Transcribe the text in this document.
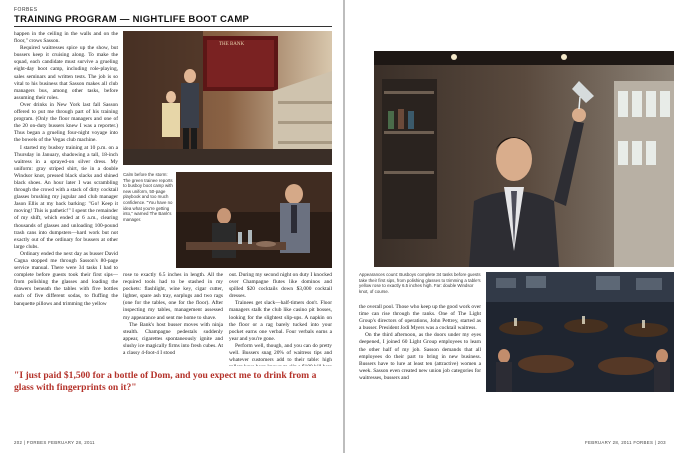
FORBES
TRAINING PROGRAM — NIGHTLIFE BOOT CAMP

happen in the ceiling in the walls and on the floor," crows Sasson.

Required waitresses spice up the show, but bussers keep it cruising along. To make the squad, each candidate must survive a grueling eight-day boot camp, including role-playing, sales seminars and written tests. The job is so vital to his business that Sasson makes all club managers bus, among other tasks, before assuming their roles.

Over drinks in New York last fall Sasson offered to put me through part of his training program. (Only the floor managers and one of the 20 on-duty bussers knew I was a reporter.) Thus began a grueling four-night voyage into the bowels of the Vegas club machine.

I started my busboy training at 10 p.m. on a Thursday in January, shadowing a tall, 18-inch waitress in a sprayed-on silver dress. My uniform: gray striped shirt, tie in a double Windsor knot, pressed black slacks and shined black shoes. An hour later I was scrambling through the crowd with a stack of dirty cocktail glasses brushing my jugular and club manager Jason Ellis at my back barking: "Go! Keep it moving! This is pathetic!" I spent the remainder of my shift, which ended at 6 a.m., clearing thousands of glasses and unloading 100-pound trash cans into dumpsters—hard work but not exactly out of the ordinary for bussers at other large clubs.

Ordinary ended the next day as busser David Cagna stopped me through Sasson's 80-page service manual. There were 34 tasks I had to complete before guests took their first sips—from polishing the glasses and loading the drawers beneath the tables with five bottles each of five different sodas, to fluffing the banquette pillows and trimming the yellow

THE BANK
Calm before the storm: The green trainee reports to busboy boot camp with new uniform, 50-page playbook and too much confidence. "You have no idea what you're getting into," warned The Bank's manager.

rose to exactly 6.5 inches in length. All the required tools had to be stashed in my pockets: flashlight, wine key, cigar cutter, lighter, spare ash tray, earplugs and two rags (one for the tables, one for the floor). After inspecting my tables, management assessed my appearance and sent me home to shave.

The Bank's host busser moves with ninja stealth. Champagne pedestals suddenly appear, cigarettes spontaneously ignite and slushy ice magically firms into fresh cubes. At a classy 4-foot-4 I stood

out. During my second night on duty I knocked over Champagne flutes like dominos and spilled $20 cocktails down $3,000 cocktail dresses.

Trainees get slack—half-timers don't. Floor managers stalk the club like casino pit bosses, looking for the slightest slip-ups. A napkin on the floor or a rag barely tucked into your pocket earns one verbal. Four verbals earns a year and you're gone.

Perform well, though, and you can do pretty well. Bussers snag 20% of waitress tips and whatever customers add to their table: high

"I just paid $1,500 for a bottle of Dom, and you expect me to drink from a glass with fingerprints on it?"
202 | FORBES FEBRUARY 28, 2011
Appearances count: Busboys complete 34 tasks before guests take their first sips, from polishing glasses to trimming a table's yellow rose to exactly 6.5 inches high. Far: double Windsor knot, of course.

the overall pool. Those who keep up the good work over time can rise through the ranks. One of The Light Group's directors of operations, John Pettrey, started as a busser. President Jodi Myers was a cocktail waitress.

On the third afternoon, as the doors under my eyes deepened, I joined 60 Light Group employees to learn the other half of my job. Sasson demands that all employees do their part to bring in new business. Bussers have to lure at least ten (attractive) women a week. Sasson even created new union job categories for waitresses, bussers and

FEBRUARY 28, 2011 FORBES | 203
